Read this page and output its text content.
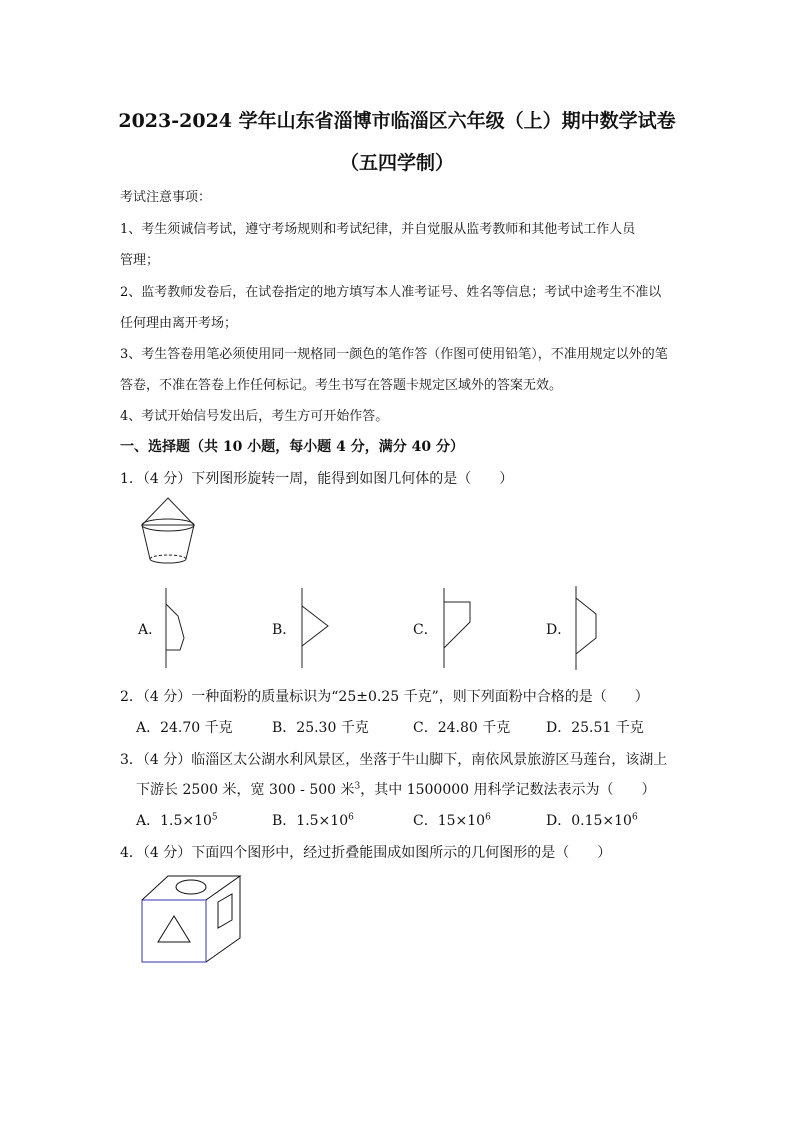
2023-2024 学年山东省淄博市临淄区六年级（上）期中数学试卷
（五四学制）
考试注意事项：
1、考生须诚信考试，遵守考场规则和考试纪律，并自觉服从监考教师和其他考试工作人员
管理；
2、监考教师发卷后，在试卷指定的地方填写本人准考证号、姓名等信息；考试中途考生不准以
任何理由离开考场；
3、考生答卷用笔必须使用同一规格同一颜色的笔作答（作图可使用铅笔），不准用规定以外的笔
答卷，不准在答卷上作任何标记。考生书写在答题卡规定区域外的答案无效。
4、考试开始信号发出后，考生方可开始作答。
一、选择题（共 10 小题，每小题 4 分，满分 40 分）
1．（4 分）下列图形旋转一周，能得到如图几何体的是（　　）
A．	B．	C．	D．
2．（4 分）一种面粉的质量标识为“25±0.25 千克”，则下列面粉中合格的是（　　）
A．24.70 千克	B．25.30 千克	C．24.80 千克	D．25.51 千克
3．（4 分）临淄区太公湖水利风景区，坐落于牛山脚下，南依风景旅游区马莲台，该湖上
下游长 2500 米，宽 300 - 500 米$^3$，其中 1500000 用科学记数法表示为（　　）
A．$1.5\times 10^5$	B．$1.5\times 10^6$	C．$15\times 10^6$	D．$0.15\times 10^6$
4．（4 分）下面四个图形中，经过折叠能围成如图所示的几何图形的是（　　）
